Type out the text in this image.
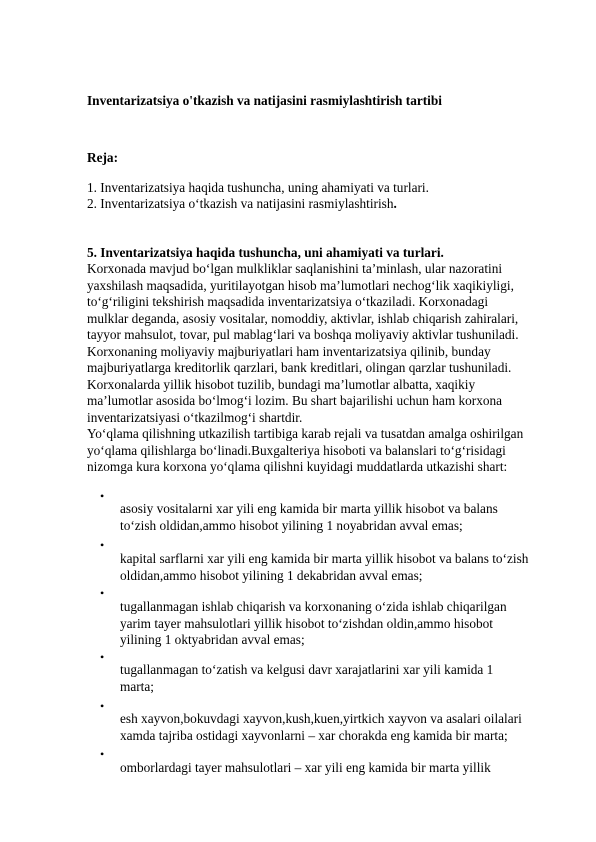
Inventarizatsiya o'tkazish va natijasini rasmiylashtirish tartibi
Reja:
1. Inventarizatsiya haqida tushuncha, uning ahamiyati va turlari.
2. Inventarizatsiya o‘tkazish va natijasini rasmiylashtirish.
5. Inventarizatsiya haqida tushuncha, uni ahamiyati va turlari.
Korxonada mavjud bo‘lgan mulkliklar saqlanishini ta’minlash, ular nazoratini
yaxshilash maqsadida, yuritilayotgan hisob ma’lumotlari nechog‘lik xaqikiyligi,
to‘g‘riligini tekshirish maqsadida inventarizatsiya o‘tkaziladi. Korxonadagi
mulklar deganda, asosiy vositalar, nomoddiy, aktivlar, ishlab chiqarish zahiralari,
tayyor mahsulot, tovar, pul mablag‘lari va boshqa moliyaviy aktivlar tushuniladi.
Korxonaning moliyaviy majburiyatlari ham inventarizatsiya qilinib, bunday
majburiyatlarga kreditorlik qarzlari, bank kreditlari, olingan qarzlar tushuniladi.
Korxonalarda yillik hisobot tuzilib, bundagi ma’lumotlar albatta, xaqikiy
ma’lumotlar asosida bo‘lmog‘i lozim. Bu shart bajarilishi uchun ham korxona
inventarizatsiyasi o‘tkazilmog‘i shartdir.
Yo‘qlama qilishning utkazilish tartibiga karab rejali va tusatdan amalga oshirilgan
yo‘qlama qilishlarga bo‘linadi.Buxgalteriya hisoboti va balanslari to‘g‘risidagi
nizomga kura korxona yo‘qlama qilishni kuyidagi muddatlarda utkazishi shart:
•
asosiy vositalarni xar yili eng kamida bir marta yillik hisobot va balans
to‘zish oldidan,ammo hisobot yilining 1 noyabridan avval emas;
•
kapital sarflarni xar yili eng kamida bir marta yillik hisobot va balans to‘zish
oldidan,ammo hisobot yilining 1 dekabridan avval emas;
•
tugallanmagan ishlab chiqarish va korxonaning o‘zida ishlab chiqarilgan
yarim tayer mahsulotlari yillik hisobot to‘zishdan oldin,ammo hisobot
yilining 1 oktyabridan avval emas;
•
tugallanmagan to‘zatish va kelgusi davr xarajatlarini xar yili kamida 1
marta;
•
esh xayvon,bokuvdagi xayvon,kush,kuen,yirtkich xayvon va asalari oilalari
xamda tajriba ostidagi xayvonlarni – xar chorakda eng kamida bir marta;
•
omborlardagi tayer mahsulotlari – xar yili eng kamida bir marta yillik
